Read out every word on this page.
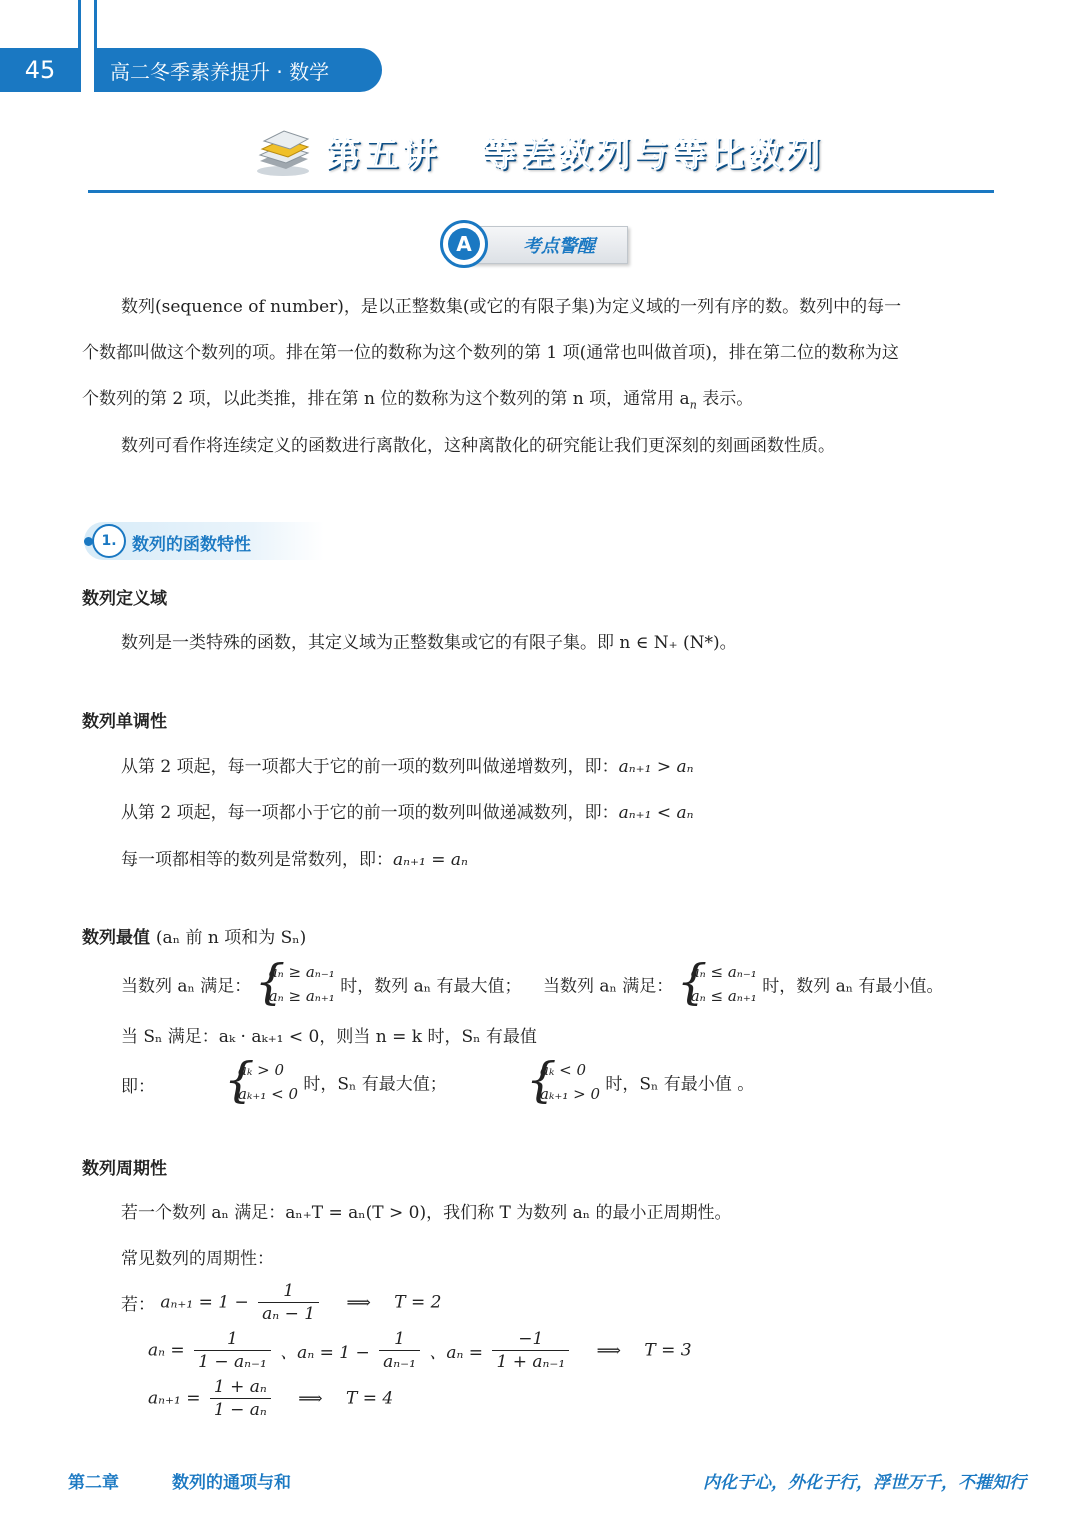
45	高二冬季素养提升 · 数学
第五讲 等差数列与等比数列
考点警醒
A
数列(sequence of number)，是以正整数集(或它的有限子集)为定义域的一列有序的数。数列中的每一
个数都叫做这个数列的项。排在第一位的数称为这个数列的第 1 项(通常也叫做首项)，排在第二位的数称为这
个数列的第 2 项，以此类推，排在第 n 位的数称为这个数列的第 n 项，通常用 $a_n$ 表示。
数列可看作将连续定义的函数进行离散化，这种离散化的研究能让我们更深刻的刻画函数性质。
1. 数列的函数特性
数列定义域
数列是一类特殊的函数，其定义域为正整数集或它的有限子集。即 n ∈ N₊ (N*)。
数列单调性
从第 2 项起，每一项都大于它的前一项的数列叫做递增数列，即：aₙ₊₁ > aₙ
从第 2 项起，每一项都小于它的前一项的数列叫做递减数列，即：aₙ₊₁ < aₙ
每一项都相等的数列是常数列，即：aₙ₊₁ = aₙ
数列最值 (aₙ 前 n 项和为 Sₙ)
当数列 aₙ 满足：
{ aₙ ≥ aₙ₋₁
aₙ ≥ aₙ₊₁ 时，数列 aₙ 有最大值； 当数列 aₙ 满足：
{ aₙ ≤ aₙ₋₁
aₙ ≤ aₙ₊₁ 时，数列 aₙ 有最小值。
当 Sₙ 满足：aₖ · aₖ₊₁ < 0，则当 n = k 时，Sₙ 有最值
即：
{ aₖ > 0
aₖ₊₁ < 0 时，Sₙ 有最大值；
{ aₖ < 0
aₖ₊₁ > 0 时，Sₙ 有最小值 。
数列周期性
若一个数列 aₙ 满足：aₙ₊T = aₙ(T > 0)，我们称 T 为数列 aₙ 的最小正周期性。
常见数列的周期性：
若： $a_{n+1} = 1 - \frac{1}{\text{aₙ − 1}}$ ⟹ T = 2
$a_n = \frac{1}{\text{1 − aₙ₋₁}}$ 、$a_n = 1 - \frac{1}{\text{aₙ₋₁}}$ 、$a_n = \frac{-1}{\text{1 + aₙ₋₁}}$ ⟹ T = 3
$a_{n+1} = \frac{\text{1 + aₙ}}{\text{1 − aₙ}}$ ⟹ T = 4
第二章	数列的通项与和	内化于心，外化于行，浮世万千，不摧知行
